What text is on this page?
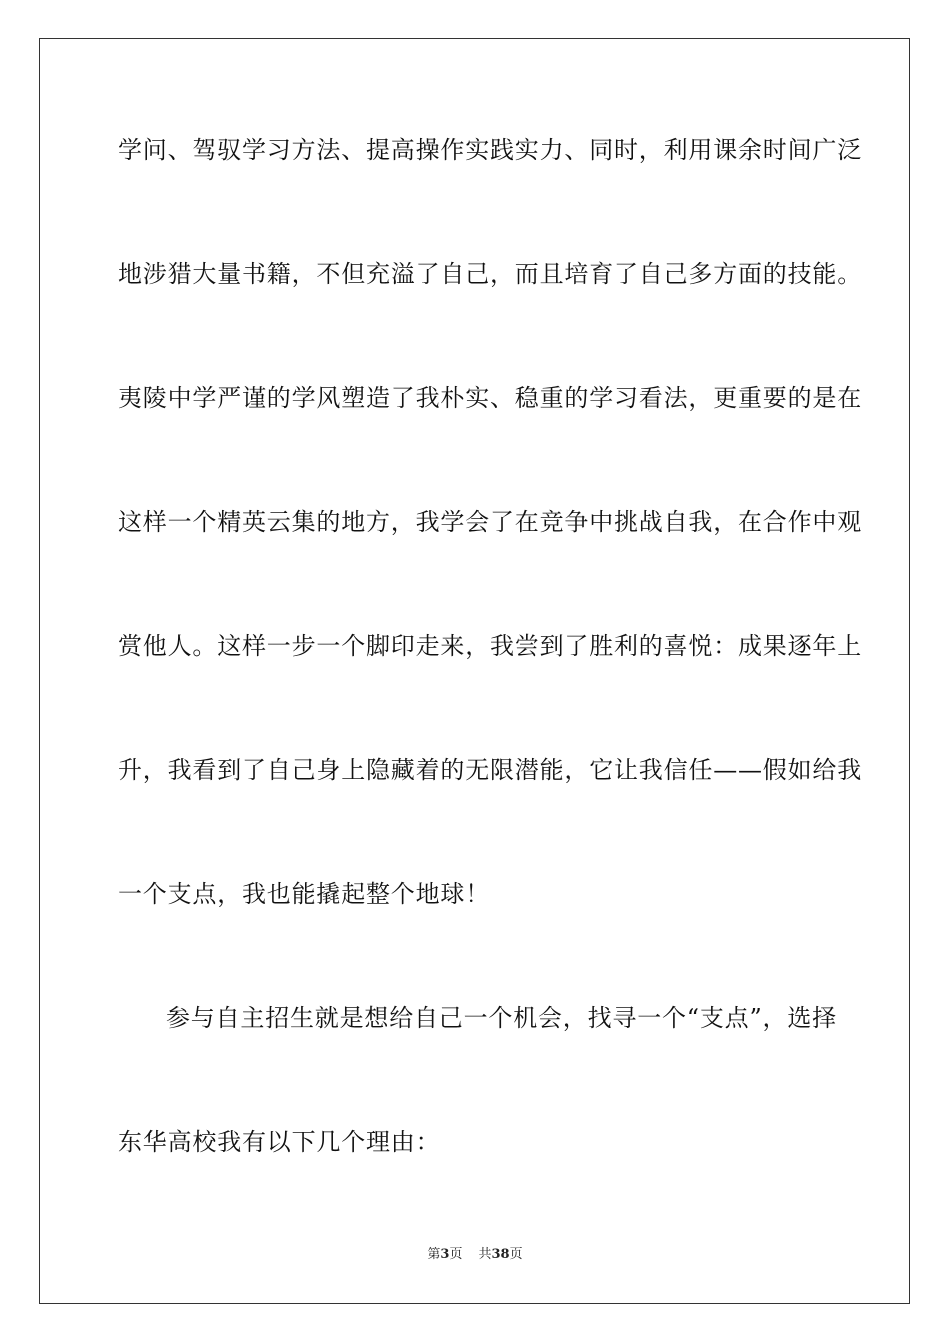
学问、驾驭学习方法、提高操作实践实力、同时，利用课余时间广泛
地涉猎大量书籍，不但充溢了自己，而且培育了自己多方面的技能。
夷陵中学严谨的学风塑造了我朴实、稳重的学习看法，更重要的是在
这样一个精英云集的地方，我学会了在竞争中挑战自我，在合作中观
赏他人。这样一步一个脚印走来，我尝到了胜利的喜悦：成果逐年上
升，我看到了自己身上隐藏着的无限潜能，它让我信任——假如给我
一个支点，我也能撬起整个地球！
参与自主招生就是想给自己一个机会，找寻一个“支点”，选择
东华高校我有以下几个理由：
第3页 共38页
